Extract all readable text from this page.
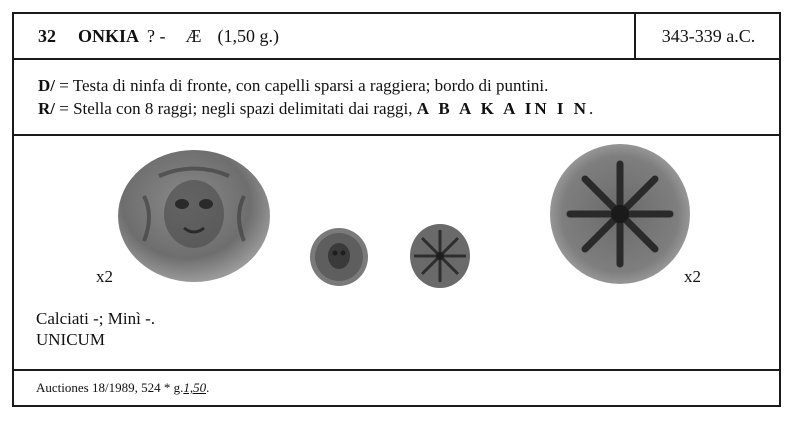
32 ONKIA ? - Æ (1,50 g.)	343-339 a.C.
D/ = Testa di ninfa di fronte, con capelli sparsi a raggiera; bordo di puntini.
R/ = Stella con 8 raggi; negli spazi delimitati dai raggi, A B A K A IN I N.
x2	x2
Calciati -; Minì -.
UNICUM
Auctiones 18/1989, 524 * g. 1,50 .
